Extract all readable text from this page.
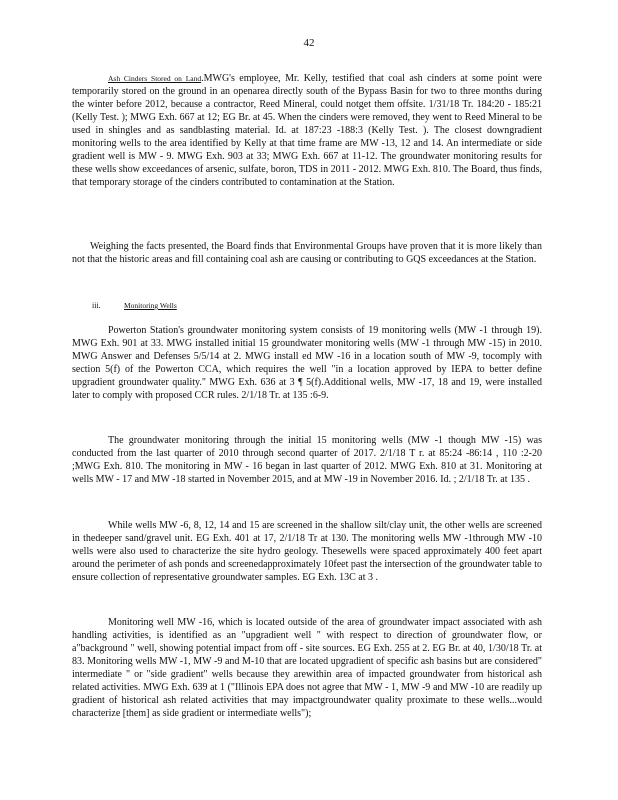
42

Ash Cinders Stored on Land.MWG's employee, Mr. Kelly, testified that coal ash cinders at some point were temporarily stored on the ground in an openarea directly south of the Bypass Basin for two to three months during the winter before 2012, because a contractor, Reed Mineral, could notget them offsite. 1/31/18 Tr. 184:20 - 185:21 (Kelly Test. ); MWG Exh. 667 at 12; EG Br. at 45. When the cinders were removed, they went to Reed Mineral to be used in shingles and as sandblasting material. Id. at 187:23 -188:3 (Kelly Test. ). The closest downgradient monitoring wells to the area identified by Kelly at that time frame are MW -13, 12 and 14. An intermediate or side gradient well is MW - 9. MWG Exh. 903 at 33; MWG Exh. 667 at 11-12. The groundwater monitoring results for these wells show exceedances of arsenic, sulfate, boron, TDS in 2011 - 2012. MWG Exh. 810. The Board, thus finds, that temporary storage of the cinders contributed to contamination at the Station.

Weighing the facts presented, the Board finds that Environmental Groups have proven that it is more likely than not that the historic areas and fill containing coal ash are causing or contributing to GQS exceedances at the Station.

iii.	Monitoring Wells

Powerton Station's groundwater monitoring system consists of 19 monitoring wells (MW -1 through 19). MWG Exh. 901 at 33. MWG installed initial 15 groundwater monitoring wells (MW -1 through MW -15) in 2010. MWG Answer and Defenses 5/5/14 at 2. MWG install ed MW -16 in a location south of MW -9, tocomply with section 5(f) of the Powerton CCA, which requires the well "in a location approved by IEPA to better define upgradient groundwater quality." MWG Exh. 636 at 3 ¶ 5(f).Additional wells, MW -17, 18 and 19, were installed later to comply with proposed CCR rules. 2/1/18 Tr. at 135 :6-9.

The groundwater monitoring through the initial 15 monitoring wells (MW -1 though MW -15) was conducted from the last quarter of 2010 through second quarter of 2017. 2/1/18 T r. at 85:24 -86:14 , 110 :2-20 ;MWG Exh. 810. The monitoring in MW - 16 began in last quarter of 2012. MWG Exh. 810 at 31. Monitoring at wells MW - 17 and MW -18 started in November 2015, and at MW -19 in November 2016. Id. ; 2/1/18 Tr. at 135 .

While wells MW -6, 8, 12, 14 and 15 are screened in the shallow silt/clay unit, the other wells are screened in thedeeper sand/gravel unit. EG Exh. 401 at 17, 2/1/18 Tr at 130. The monitoring wells MW -1through MW -10 wells were also used to characterize the site hydro geology. Thesewells were spaced approximately 400 feet apart around the perimeter of ash ponds and screenedapproximately 10feet past the intersection of the groundwater table to ensure collection of representative groundwater samples. EG Exh. 13C at 3 .

Monitoring well MW -16, which is located outside of the area of groundwater impact associated with ash handling activities, is identified as an "upgradient well " with respect to direction of groundwater flow, or a"background " well, showing potential impact from off - site sources. EG Exh. 255 at 2. EG Br. at 40, 1/30/18 Tr. at 83. Monitoring wells MW -1, MW -9 and M-10 that are located upgradient of specific ash basins but are considered" intermediate " or "side gradient" wells because they arewithin area of impacted groundwater from historical ash related activities. MWG Exh. 639 at 1 ("Illinois EPA does not agree that MW - 1, MW -9 and MW -10 are readily up gradient of historical ash related activities that may impactgroundwater quality proximate to these wells...would characterize [them] as side gradient or intermediate wells");
